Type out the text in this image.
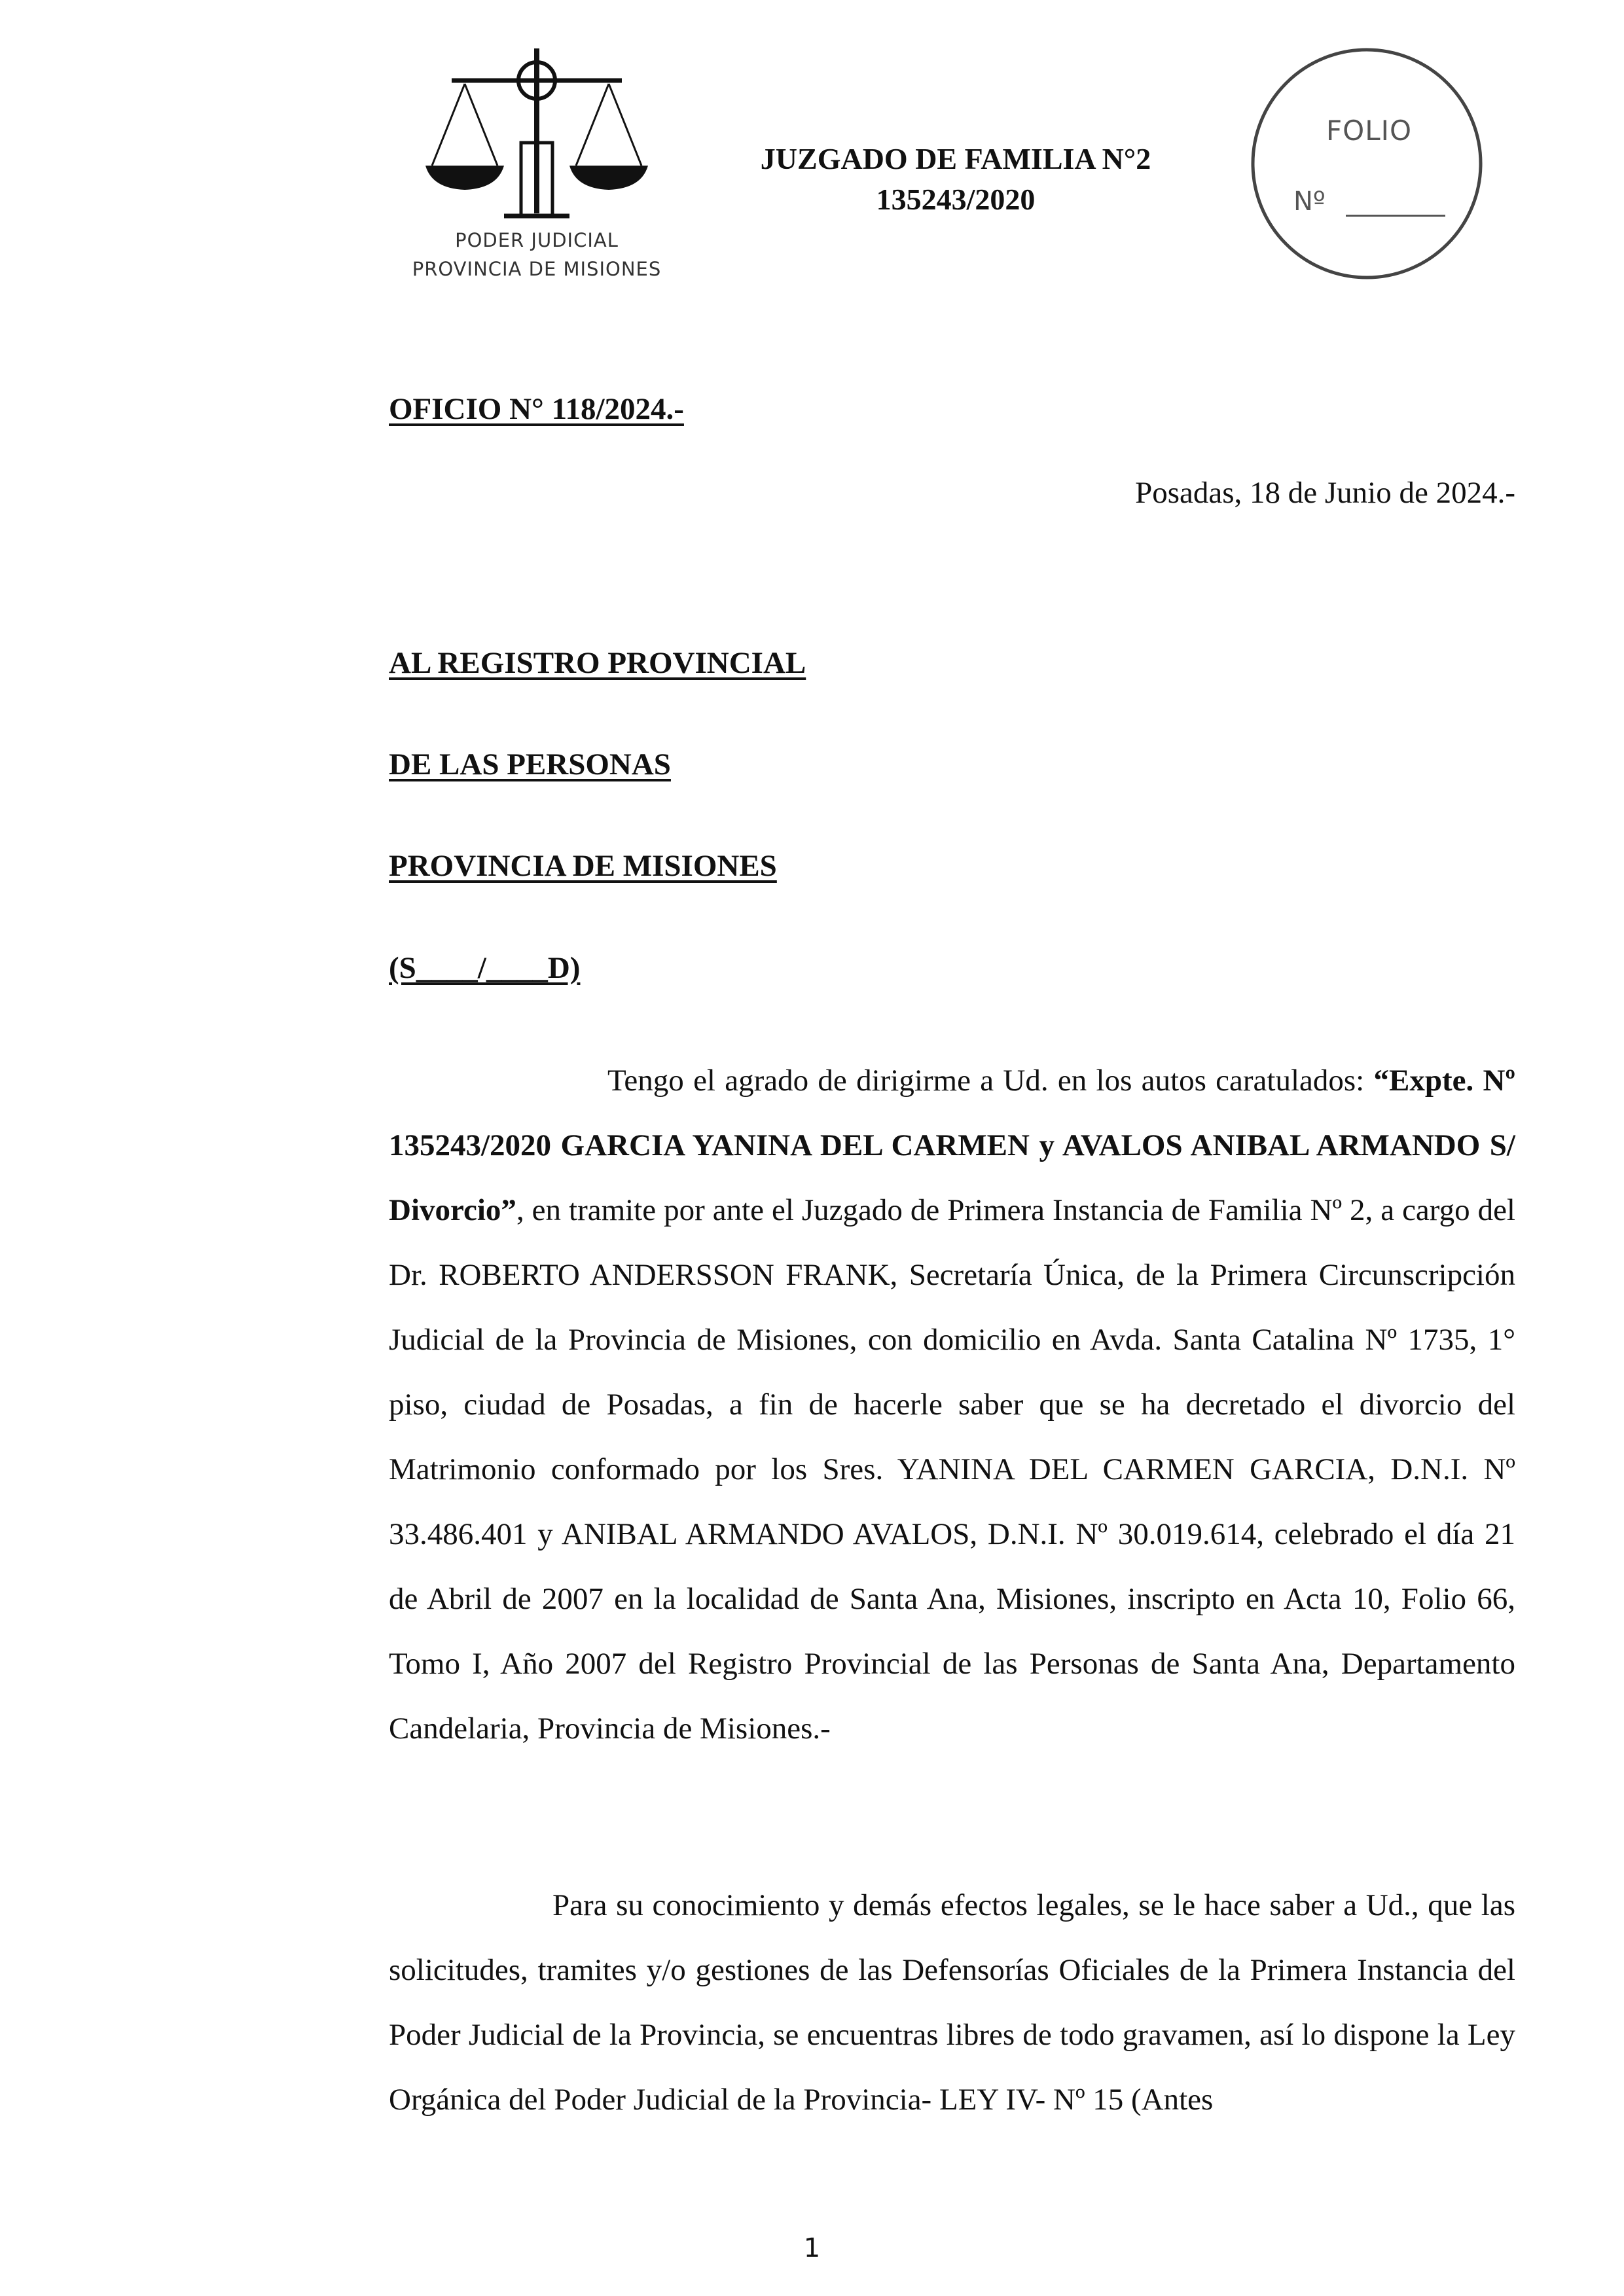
PODER JUDICIAL
PROVINCIA DE MISIONES
JUZGADO DE FAMILIA N°2
135243/2020
FOLIO
Nº
OFICIO N° 118/2024.-
Posadas, 18 de Junio de 2024.-
AL REGISTRO PROVINCIAL
DE LAS PERSONAS
PROVINCIA DE MISIONES
(S____/____D)
Tengo el agrado de dirigirme a Ud. en los autos caratulados: “Expte. Nº 135243/2020 GARCIA YANINA DEL CARMEN y AVALOS ANIBAL ARMANDO S/ Divorcio”, en tramite por ante el Juzgado de Primera Instancia de Familia Nº 2, a cargo del Dr. ROBERTO ANDERSSON FRANK, Secretaría Única, de la Primera Circunscripción Judicial de la Provincia de Misiones, con domicilio en Avda. Santa Catalina Nº 1735, 1° piso, ciudad de Posadas, a fin de hacerle saber que se ha decretado el divorcio del Matrimonio conformado por los Sres. YANINA DEL CARMEN GARCIA, D.N.I. Nº 33.486.401 y ANIBAL ARMANDO AVALOS, D.N.I. Nº 30.019.614, celebrado el día 21 de Abril de 2007 en la localidad de Santa Ana, Misiones, inscripto en Acta 10, Folio 66, Tomo I, Año 2007 del Registro Provincial de las Personas de Santa Ana, Departamento Candelaria, Provincia de Misiones.-
Para su conocimiento y demás efectos legales, se le hace saber a Ud., que las solicitudes, tramites y/o gestiones de las Defensorías Oficiales de la Primera Instancia del Poder Judicial de la Provincia, se encuentras libres de todo gravamen, así lo dispone la Ley Orgánica del Poder Judicial de la Provincia- LEY IV- Nº 15 (Antes
1
